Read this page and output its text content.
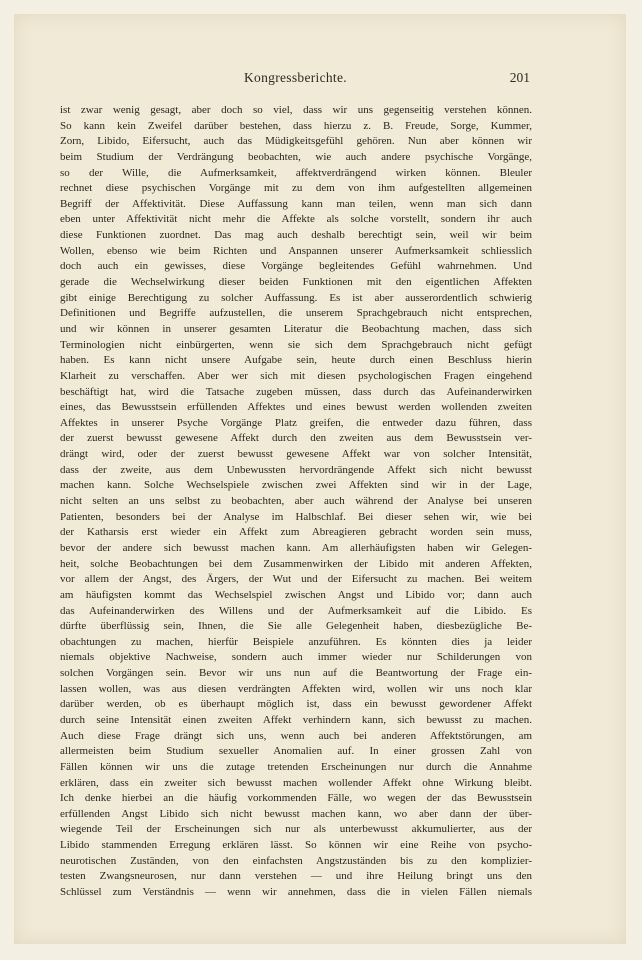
Kongressberichte.	201
ist zwar wenig gesagt, aber doch so viel, dass wir uns gegenseitig verstehen können.
So kann kein Zweifel darüber bestehen, dass hierzu z. B. Freude, Sorge, Kummer,
Zorn, Libido, Eifersucht, auch das Müdigkeitsgefühl gehören. Nun aber können wir
beim Studium der Verdrängung beobachten, wie auch andere psychische Vorgänge,
so der Wille, die Aufmerksamkeit, affektverdrängend wirken können. Bleuler
rechnet diese psychischen Vorgänge mit zu dem von ihm aufgestellten allgemeinen
Begriff der Affektivität. Diese Auffassung kann man teilen, wenn man sich dann
eben unter Affektivität nicht mehr die Affekte als solche vorstellt, sondern ihr auch
diese Funktionen zuordnet. Das mag auch deshalb berechtigt sein, weil wir beim
Wollen, ebenso wie beim Richten und Anspannen unserer Aufmerksamkeit schliesslich
doch auch ein gewisses, diese Vorgänge begleitendes Gefühl wahrnehmen. Und
gerade die Wechselwirkung dieser beiden Funktionen mit den eigentlichen Affekten
gibt einige Berechtigung zu solcher Auffassung. Es ist aber ausserordentlich schwierig
Definitionen und Begriffe aufzustellen, die unserem Sprachgebrauch nicht entsprechen,
und wir können in unserer gesamten Literatur die Beobachtung machen, dass sich
Terminologien nicht einbürgerten, wenn sie sich dem Sprachgebrauch nicht gefügt
haben. Es kann nicht unsere Aufgabe sein, heute durch einen Beschluss hierin
Klarheit zu verschaffen. Aber wer sich mit diesen psychologischen Fragen eingehend
beschäftigt hat, wird die Tatsache zugeben müssen, dass durch das Aufeinanderwirken
eines, das Bewusstsein erfüllenden Affektes und eines bewust werden wollenden zweiten
Affektes in unserer Psyche Vorgänge Platz greifen, die entweder dazu führen, dass
der zuerst bewusst gewesene Affekt durch den zweiten aus dem Bewusstsein ver-
drängt wird, oder der zuerst bewusst gewesene Affekt war von solcher Intensität,
dass der zweite, aus dem Unbewussten hervordrängende Affekt sich nicht bewusst
machen kann. Solche Wechselspiele zwischen zwei Affekten sind wir in der Lage,
nicht selten an uns selbst zu beobachten, aber auch während der Analyse bei unseren
Patienten, besonders bei der Analyse im Halbschlaf. Bei dieser sehen wir, wie bei
der Katharsis erst wieder ein Affekt zum Abreagieren gebracht worden sein muss,
bevor der andere sich bewusst machen kann. Am allerhäufigsten haben wir Gelegen-
heit, solche Beobachtungen bei dem Zusammenwirken der Libido mit anderen Affekten,
vor allem der Angst, des Ärgers, der Wut und der Eifersucht zu machen. Bei weitem
am häufigsten kommt das Wechselspiel zwischen Angst und Libido vor; dann auch
das Aufeinanderwirken des Willens und der Aufmerksamkeit auf die Libido. Es
dürfte überflüssig sein, Ihnen, die Sie alle Gelegenheit haben, diesbezügliche Be-
obachtungen zu machen, hierfür Beispiele anzuführen. Es könnten dies ja leider
niemals objektive Nachweise, sondern auch immer wieder nur Schilderungen von
solchen Vorgängen sein. Bevor wir uns nun auf die Beantwortung der Frage ein-
lassen wollen, was aus diesen verdrängten Affekten wird, wollen wir uns noch klar
darüber werden, ob es überhaupt möglich ist, dass ein bewusst gewordener Affekt
durch seine Intensität einen zweiten Affekt verhindern kann, sich bewusst zu machen.
Auch diese Frage drängt sich uns, wenn auch bei anderen Affektstörungen, am
allermeisten beim Studium sexueller Anomalien auf. In einer grossen Zahl von
Fällen können wir uns die zutage tretenden Erscheinungen nur durch die Annahme
erklären, dass ein zweiter sich bewusst machen wollender Affekt ohne Wirkung bleibt.
Ich denke hierbei an die häufig vorkommenden Fälle, wo wegen der das Bewusstsein
erfüllenden Angst Libido sich nicht bewusst machen kann, wo aber dann der über-
wiegende Teil der Erscheinungen sich nur als unterbewusst akkumulierter, aus der
Libido stammenden Erregung erklären lässt. So können wir eine Reihe von psycho-
neurotischen Zuständen, von den einfachsten Angstzuständen bis zu den komplizier-
testen Zwangsneurosen, nur dann verstehen — und ihre Heilung bringt uns den
Schlüssel zum Verständnis — wenn wir annehmen, dass die in vielen Fällen niemals
